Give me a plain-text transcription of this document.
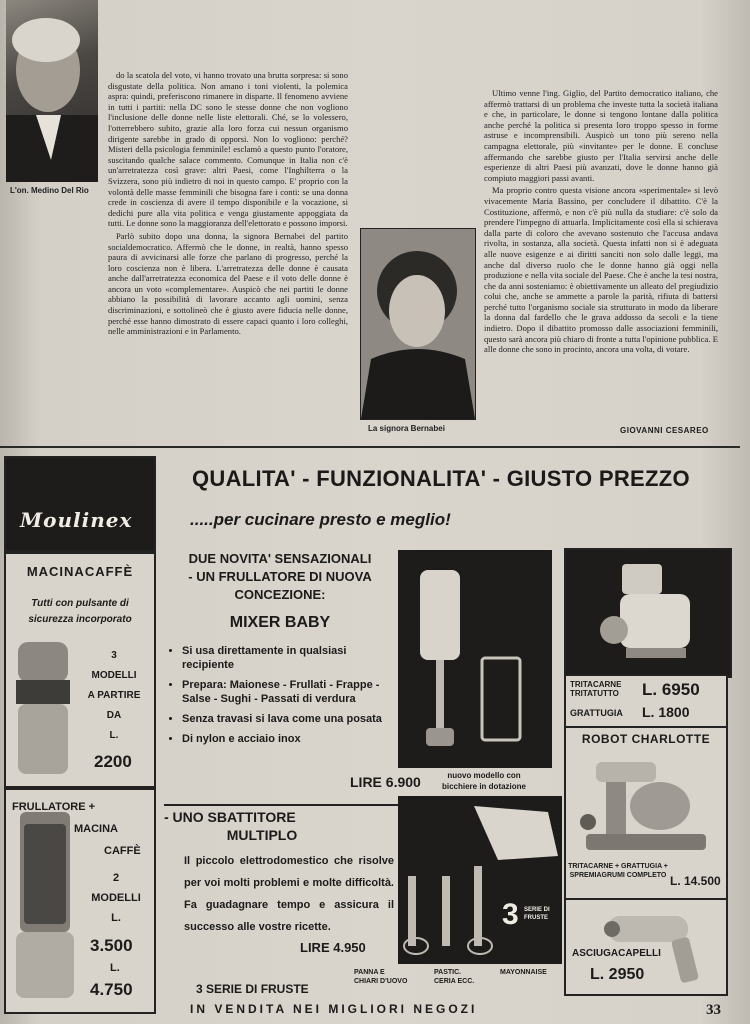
L'on. Medino Del Rio

do la scatola del voto, vi hanno trovato una brutta sorpresa: si sono disgustate della politica. Non amano i toni violenti, la polemica aspra: quindi, preferiscono rimanere in disparte. Il fenomeno avviene in tutti i partiti: nella DC sono le stesse donne che non vogliono l'inclusione delle donne nelle liste elettorali. Ché, se lo volessero, l'otterrebbero subito, grazie alla loro forza cui nessun organismo dirigente sarebbe in grado di opporsi. Non lo vogliono: perché? Misteri della psicologia femminile! esclamò a questo punto l'oratore, suscitando qualche salace commento. Comunque in Italia non c'è un'arretratezza così grave: altri Paesi, come l'Inghilterra o la Svizzera, sono più indietro di noi in questo campo. E' proprio con la volontà delle masse femminili che bisogna fare i conti: se una donna crede in coscienza di avere il tempo disponibile e la vocazione, si dedichi pure alla vita politica e venga giustamente appoggiata da tutti. Le donne sono la maggioranza dell'elettorato e possono imporsi.

Parlò subito dopo una donna, la signora Bernabei del partito socialdemocratico. Affermò che le donne, in realtà, hanno spesso paura di avvicinarsi alle forze che parlano di progresso, perché la loro coscienza non è libera. L'arretratezza delle donne è causata anche dall'arretratezza economica del Paese e il voto delle donne è ancora un voto «complementare». Auspicò che nei partiti le donne abbiano la possibilità di lavorare accanto agli uomini, senza discriminazioni, e sottolineò che è giusto avere fiducia nelle donne, perché esse hanno dimostrato di essere capaci quanto i loro colleghi, nelle amministrazioni e in Parlamento.

La signora Bernabei

Ultimo venne l'ing. Giglio, del Partito democratico italiano, che affermò trattarsi di un problema che investe tutta la società italiana e che, in particolare, le donne si tengono lontane dalla politica anche perché la politica si presenta loro troppo spesso in forme astruse e incomprensibili. Auspicò un tono più sereno nella campagna elettorale, più «invitante» per le donne. E concluse affermando che sarebbe giusto per l'Italia servirsi anche delle esperienze di altri Paesi più avanzati, dove le donne hanno già compiuto maggiori passi avanti.

Ma proprio contro questa visione ancora «sperimentale» si levò vivacemente Maria Bassino, per concludere il dibattito. C'è la Costituzione, affermò, e non c'è più nulla da studiare: c'è solo da prendere l'impegno di attuarla. Implicitamente così ella si schierava dalla parte di coloro che avevano sostenuto che l'accusa andava rivolta, in sostanza, alla società. Questa infatti non si è adeguata alle nuove esigenze e ai diritti sanciti non solo dalle leggi, ma anche dal diverso ruolo che le donne hanno già oggi nella produzione e nella vita sociale del Paese. Che è anche la tesi nostra, che da anni sosteniamo: è obiettivamente un alleato del pregiudizio colui che, anche se ammette a parole la parità, rifiuta di battersi perché tutto l'organismo sociale sia strutturato in modo da liberare la donna dal fardello che le grava addosso da secoli e la tiene indietro. Dopo il dibattito promosso dalle associazioni femminili, questo sarà ancora più chiaro di fronte a tutta l'opinione pubblica. E alle donne che sono in procinto, ancora una volta, di votare.

GIOVANNI CESAREO
Moulinex
QUALITA' - FUNZIONALITA' - GIUSTO PREZZO
.....per cucinare presto e meglio!
MACINACAFFÈ
Tutti con pulsante di sicurezza incorporato
3
MODELLI
A PARTIRE
DA
L.
2200
FRULLATORE +
MACINA
CAFFÈ
2
MODELLI
L.
3.500
L.
4.750
DUE NOVITA' SENSAZIONALI
- UN FRULLATORE DI NUOVA
CONCEZIONE:
MIXER BABY
• Si usa direttamente in qualsiasi recipiente
• Prepara: Maionese - Frullati - Frappe - Salse - Sughi - Passati di verdura
• Senza travasi si lava come una posata
• Di nylon e acciaio inox
LIRE 6.900	nuovo modello con
bicchiere in dotazione
- UNO SBATTITORE
MULTIPLO
Il piccolo elettrodomestico che risolve per voi molti problemi e molte difficoltà. Fa guadagnare tempo e assicura il successo alle vostre ricette.
LIRE 4.950
3 SERIE DI FRUSTE
3 SERIE DI FRUSTE
PANNA E CHIARI D'UOVO
PASTIC. CERIA ECC.
MAYONNAISE
TRITACARNE TRITATUTTO	L. 6950
GRATTUGIA L. 1800
ROBOT CHARLOTTE
TRITACARNE + GRATTUGIA + SPREMIAGRUMI COMPLETO L. 14.500
ASCIUGACAPELLI
L. 2950
IN VENDITA NEI MIGLIORI NEGOZI	33
